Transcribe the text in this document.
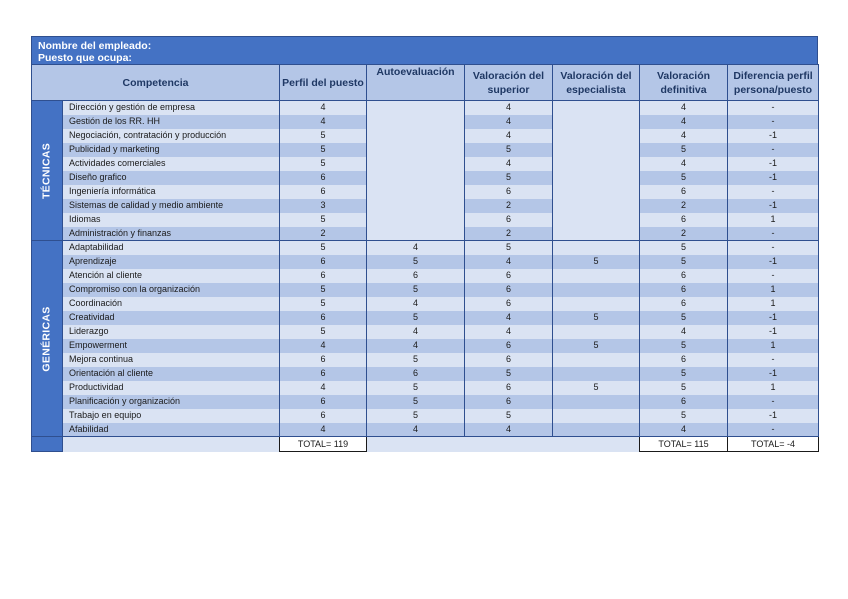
Nombre del empleado:
Puesto que ocupa:
Competencia		Perfil del puesto	Autoevaluación	Valoración del superior	Valoración del especialista	Valoración definitiva	Diferencia perfil persona/puesto

TÉCNICAS	Dirección y gestión de empresa	4		4		4	-
	Gestión de los RR. HH	4		4		4	-
	Negociación, contratación y producción	5		4		4	-1
	Publicidad y marketing	5		5		5	-
	Actividades comerciales	5		4		4	-1
	Diseño grafico	6		5		5	-1
	Ingeniería informática	6		6		6	-
	Sistemas de calidad y medio ambiente	3		2		2	-1
	Idiomas	5		6		6	1
	Administración y finanzas	2		2		2	-

GENÉRICAS	Adaptabilidad	5	4	5		5	-
	Aprendizaje	6	5	4	5	5	-1
	Atención al cliente	6	6	6		6	-
	Compromiso con la organización	5	5	6		6	1
	Coordinación	5	4	6		6	1
	Creatividad	6	5	4	5	5	-1
	Liderazgo	5	4	4		4	-1
	Empowerment	4	4	6	5	5	1
	Mejora continua	6	5	6		6	-
	Orientación al cliente	6	6	5		5	-1
	Productividad	4	5	6	5	5	1
	Planificación y organización	6	5	6		6	-
	Trabajo en equipo	6	5	5		5	-1
	Afabilidad	4	4	4		4	-
		TOTAL= 119				TOTAL= 115	TOTAL= -4
